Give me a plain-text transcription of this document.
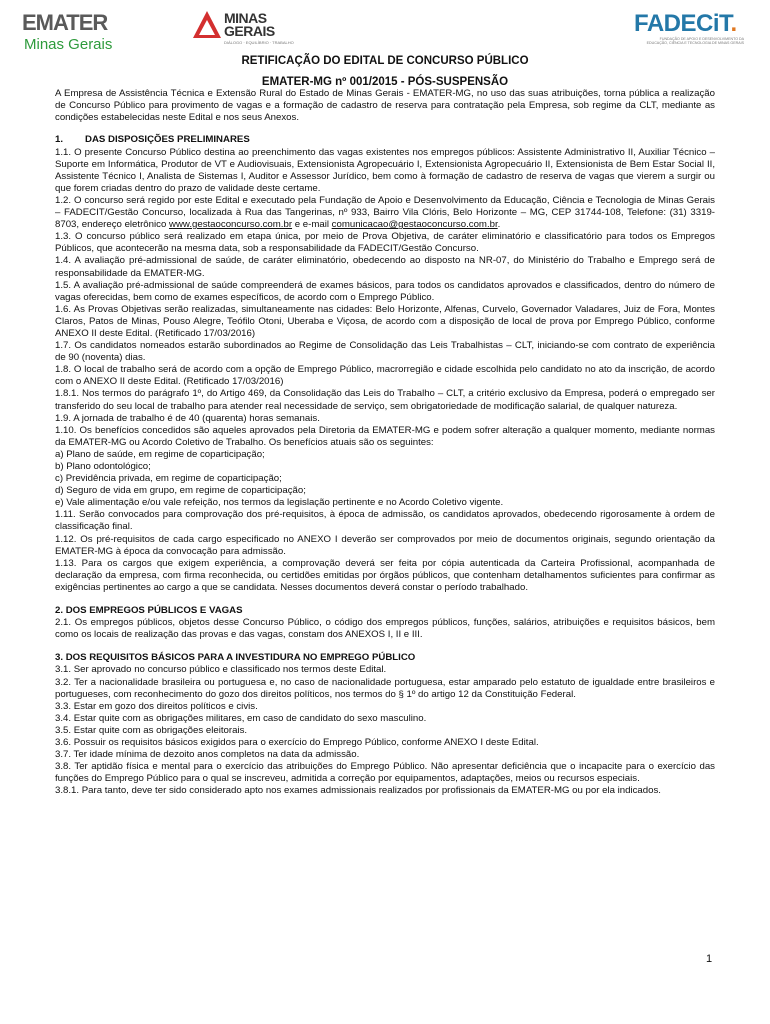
EMATER
Minas Gerais
MINAS
GERAIS
DIÁLOGO · EQUILÍBRIO · TRABALHO
FADECiT.
FUNDAÇÃO DE APOIO E DESENVOLVIMENTO DA EDUCAÇÃO, CIÊNCIA E TECNOLOGIA DE MINAS GERAIS

RETIFICAÇÃO DO EDITAL DE CONCURSO PÚBLICO

EMATER-MG nº 001/2015 - PÓS-SUSPENSÃO

A Empresa de Assistência Técnica e Extensão Rural do Estado de Minas Gerais - EMATER-MG, no uso das suas atribuições, torna pública a realização de Concurso Público para provimento de vagas e a formação de cadastro de reserva para contratação pela Empresa, sob regime da CLT, mediante as condições estabelecidas neste Edital e nos seus Anexos.

1. DAS DISPOSIÇÕES PRELIMINARES

1.1. O presente Concurso Público destina ao preenchimento das vagas existentes nos empregos públicos: Assistente Administrativo II, Auxiliar Técnico – Suporte em Informática, Produtor de VT e Audiovisuais, Extensionista Agropecuário I, Extensionista Agropecuário II, Extensionista de Bem Estar Social II, Assistente Técnico I, Analista de Sistemas I, Auditor e Assessor Jurídico, bem como à formação de cadastro de reserva de vagas que vierem a surgir ou que forem criadas dentro do prazo de validade deste certame.

1.2. O concurso será regido por este Edital e executado pela Fundação de Apoio e Desenvolvimento da Educação, Ciência e Tecnologia de Minas Gerais – FADECIT/Gestão Concurso, localizada à Rua das Tangerinas, nº 933, Bairro Vila Clóris, Belo Horizonte – MG, CEP 31744-108, Telefone: (31) 3319-8703, endereço eletrônico www.gestaoconcurso.com.br e e-mail comunicacao@gestaoconcurso.com.br.

1.3. O concurso público será realizado em etapa única, por meio de Prova Objetiva, de caráter eliminatório e classificatório para todos os Empregos Públicos, que acontecerão na mesma data, sob a responsabilidade da FADECIT/Gestão Concurso.

1.4. A avaliação pré-admissional de saúde, de caráter eliminatório, obedecendo ao disposto na NR-07, do Ministério do Trabalho e Emprego será de responsabilidade da EMATER-MG.

1.5. A avaliação pré-admissional de saúde compreenderá de exames básicos, para todos os candidatos aprovados e classificados, dentro do número de vagas oferecidas, bem como de exames específicos, de acordo com o Emprego Público.

1.6. As Provas Objetivas serão realizadas, simultaneamente nas cidades: Belo Horizonte, Alfenas, Curvelo, Governador Valadares, Juiz de Fora, Montes Claros, Patos de Minas, Pouso Alegre, Teófilo Otoni, Uberaba e Viçosa, de acordo com a disposição de local de prova por Emprego Público, conforme ANEXO II deste Edital. (Retificado 17/03/2016)

1.7. Os candidatos nomeados estarão subordinados ao Regime de Consolidação das Leis Trabalhistas – CLT, iniciando-se com contrato de experiência de 90 (noventa) dias.

1.8. O local de trabalho será de acordo com a opção de Emprego Público, macrorregião e cidade escolhida pelo candidato no ato da inscrição, de acordo com o ANEXO II deste Edital. (Retificado 17/03/2016)

1.8.1. Nos termos do parágrafo 1º, do Artigo 469, da Consolidação das Leis do Trabalho – CLT, a critério exclusivo da Empresa, poderá o empregado ser transferido do seu local de trabalho para atender real necessidade de serviço, sem obrigatoriedade de modificação salarial, de qualquer natureza.

1.9. A jornada de trabalho é de 40 (quarenta) horas semanais.

1.10. Os benefícios concedidos são aqueles aprovados pela Diretoria da EMATER-MG e podem sofrer alteração a qualquer momento, mediante normas da EMATER-MG ou Acordo Coletivo de Trabalho. Os benefícios atuais são os seguintes:

a) Plano de saúde, em regime de coparticipação;

b) Plano odontológico;

c) Previdência privada, em regime de coparticipação;

d) Seguro de vida em grupo, em regime de coparticipação;

e) Vale alimentação e/ou vale refeição, nos termos da legislação pertinente e no Acordo Coletivo vigente.

1.11. Serão convocados para comprovação dos pré-requisitos, à época de admissão, os candidatos aprovados, obedecendo rigorosamente à ordem de classificação final.

1.12. Os pré-requisitos de cada cargo especificado no ANEXO I deverão ser comprovados por meio de documentos originais, segundo orientação da EMATER-MG à época da convocação para admissão.

1.13. Para os cargos que exigem experiência, a comprovação deverá ser feita por cópia autenticada da Carteira Profissional, acompanhada de declaração da empresa, com firma reconhecida, ou certidões emitidas por órgãos públicos, que contenham detalhamentos suficientes para confirmar as exigências pertinentes ao cargo a que se candidata. Nesses documentos deverá constar o período trabalhado.

2. DOS EMPREGOS PÚBLICOS E VAGAS

2.1. Os empregos públicos, objetos desse Concurso Público, o código dos empregos públicos, funções, salários, atribuições e requisitos básicos, bem como os locais de realização das provas e das vagas, constam dos ANEXOS I, II e III.

3. DOS REQUISITOS BÁSICOS PARA A INVESTIDURA NO EMPREGO PÚBLICO

3.1. Ser aprovado no concurso público e classificado nos termos deste Edital.

3.2. Ter a nacionalidade brasileira ou portuguesa e, no caso de nacionalidade portuguesa, estar amparado pelo estatuto de igualdade entre brasileiros e portugueses, com reconhecimento do gozo dos direitos políticos, nos termos do § 1º do artigo 12 da Constituição Federal.

3.3. Estar em gozo dos direitos políticos e civis.

3.4. Estar quite com as obrigações militares, em caso de candidato do sexo masculino.

3.5. Estar quite com as obrigações eleitorais.

3.6. Possuir os requisitos básicos exigidos para o exercício do Emprego Público, conforme ANEXO I deste Edital.

3.7. Ter idade mínima de dezoito anos completos na data da admissão.

3.8. Ter aptidão física e mental para o exercício das atribuições do Emprego Público. Não apresentar deficiência que o incapacite para o exercício das funções do Emprego Público para o qual se inscreveu, admitida a correção por equipamentos, adaptações, meios ou recursos especiais.

3.8.1. Para tanto, deve ter sido considerado apto nos exames admissionais realizados por profissionais da EMATER-MG ou por ela indicados.

1
